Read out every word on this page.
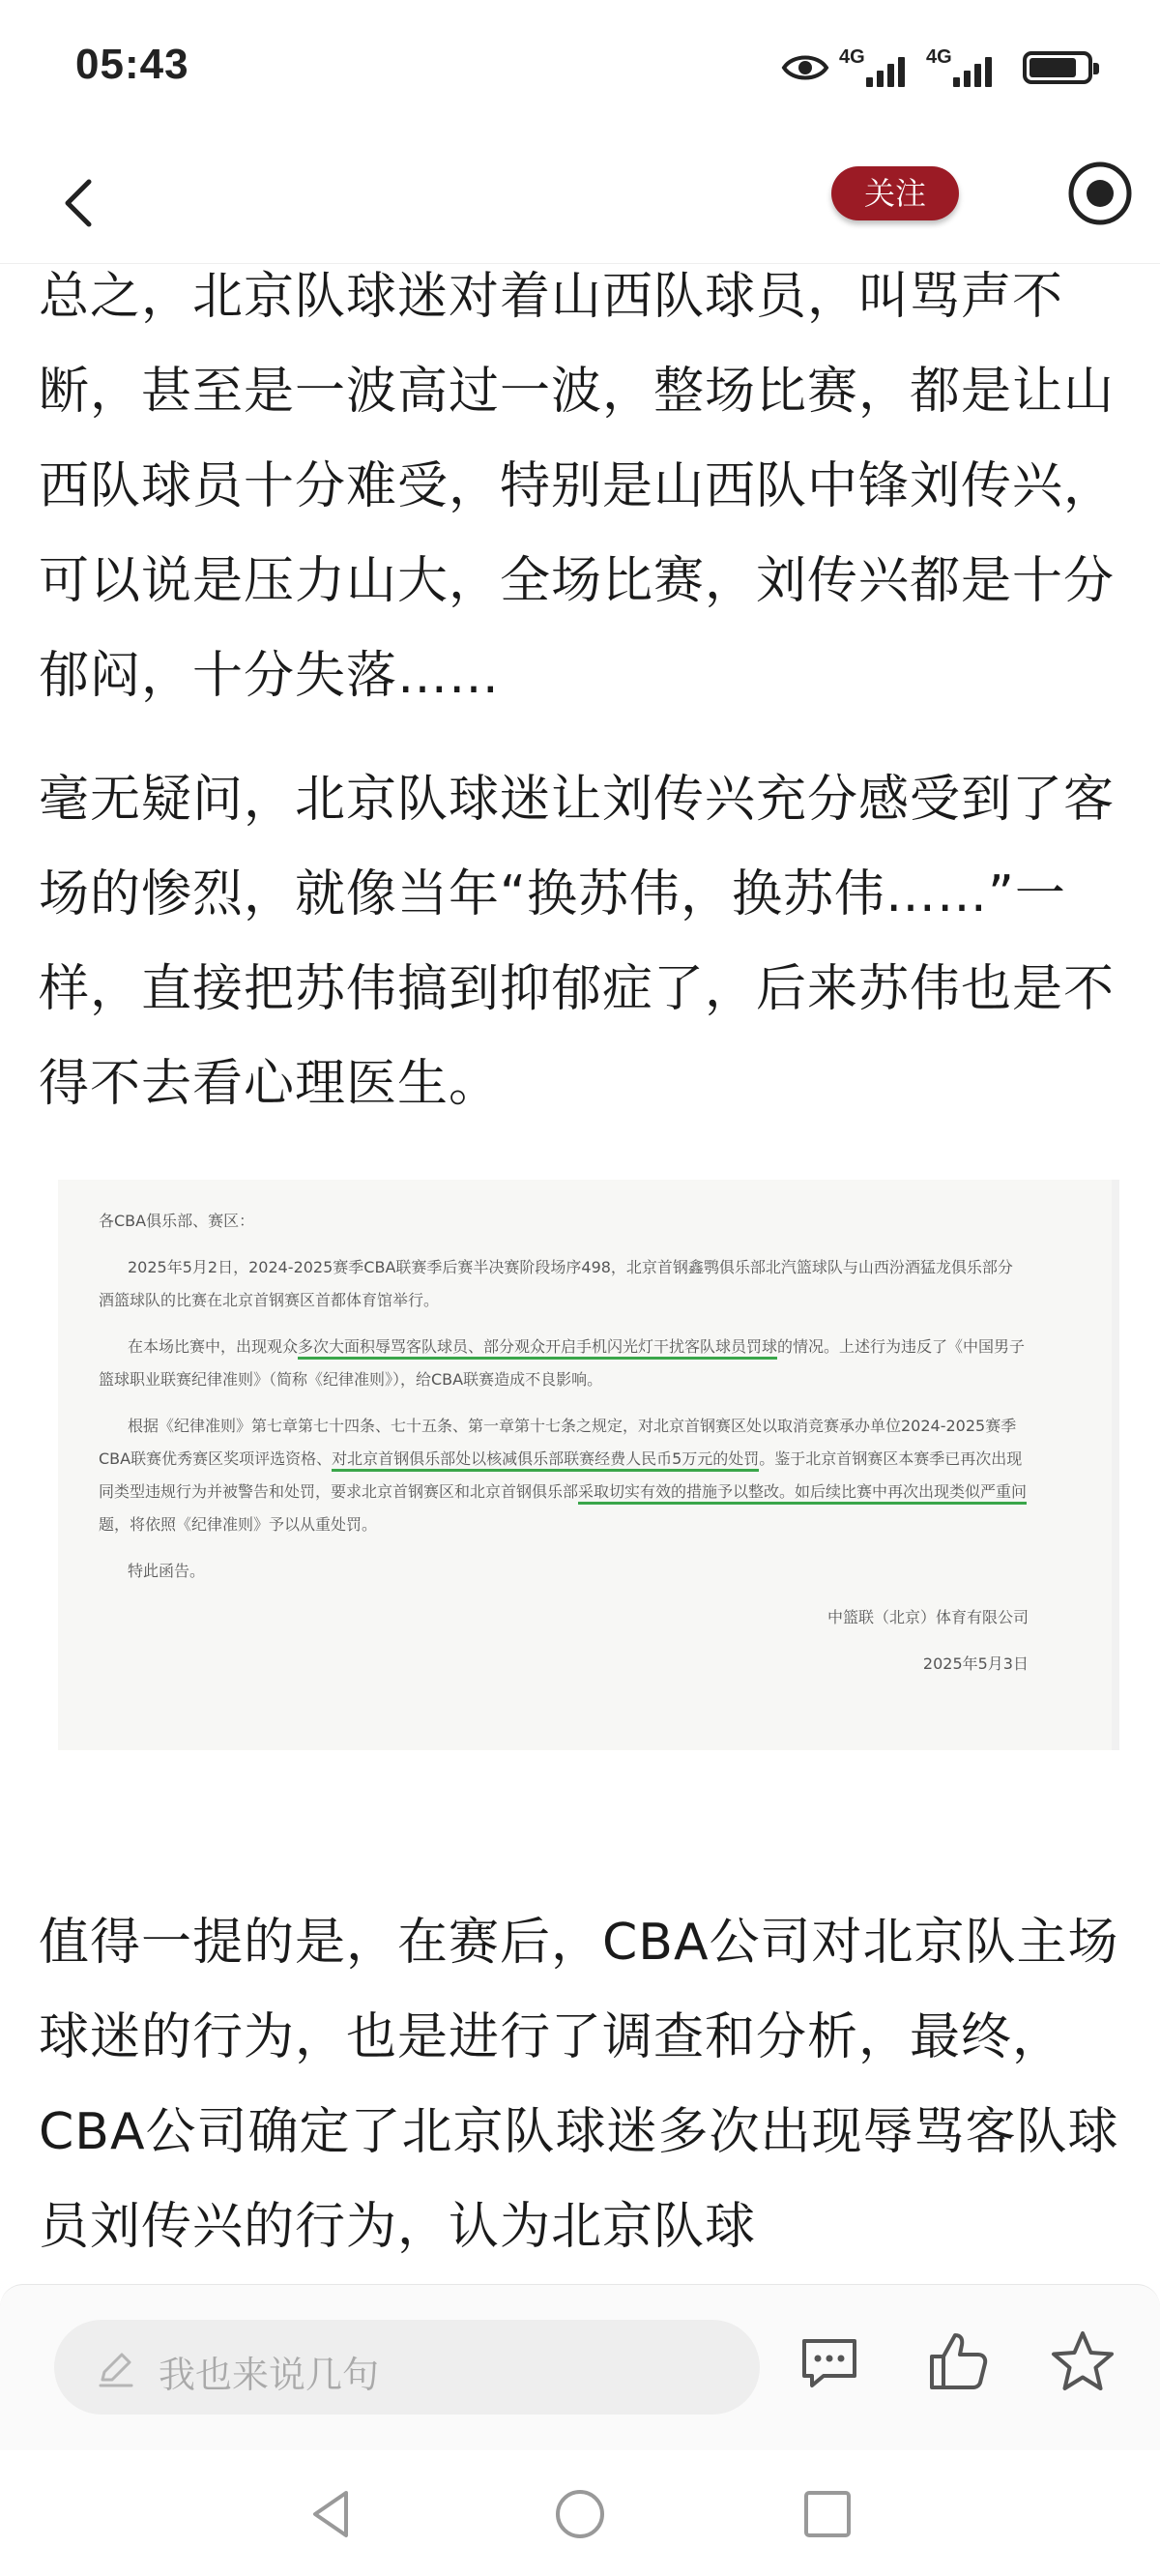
05:43	4G	4G
关注

总之，北京队球迷对着山西队球员，叫骂声不断，甚至是一波高过一波，整场比赛，都是让山西队球员十分难受，特别是山西队中锋刘传兴，可以说是压力山大，全场比赛，刘传兴都是十分郁闷，十分失落……

毫无疑问，北京队球迷让刘传兴充分感受到了客场的惨烈，就像当年“换苏伟，换苏伟……”一样，直接把苏伟搞到抑郁症了，后来苏伟也是不得不去看心理医生。

各CBA俱乐部、赛区：
2025年5月2日，2024-2025赛季CBA联赛季后赛半决赛阶段场序498，北京首钢鑫鹗俱乐部北汽篮球队与山西汾酒猛龙俱乐部分
酒篮球队的比赛在北京首钢赛区首都体育馆举行。
在本场比赛中，出现观众多次大面积辱骂客队球员、部分观众开启手机闪光灯干扰客队球员罚球的情况。上述行为违反了《中国男子
篮球职业联赛纪律准则》（简称《纪律准则》），给CBA联赛造成不良影响。
根据《纪律准则》第七章第七十四条、七十五条、第一章第十七条之规定，对北京首钢赛区处以取消竞赛承办单位2024-2025赛季
CBA联赛优秀赛区奖项评选资格、对北京首钢俱乐部处以核减俱乐部联赛经费人民币5万元的处罚。鉴于北京首钢赛区本赛季已再次出现
同类型违规行为并被警告和处罚，要求北京首钢赛区和北京首钢俱乐部采取切实有效的措施予以整改。如后续比赛中再次出现类似严重问
题，将依照《纪律准则》予以从重处罚。
特此函告。
中篮联（北京）体育有限公司
2025年5月3日

值得一提的是，在赛后，CBA公司对北京队主场球迷的行为，也是进行了调查和分析，最终，CBA公司确定了北京队球迷多次出现辱骂客队球员刘传兴的行为，认为北京队球

我也来说几句
